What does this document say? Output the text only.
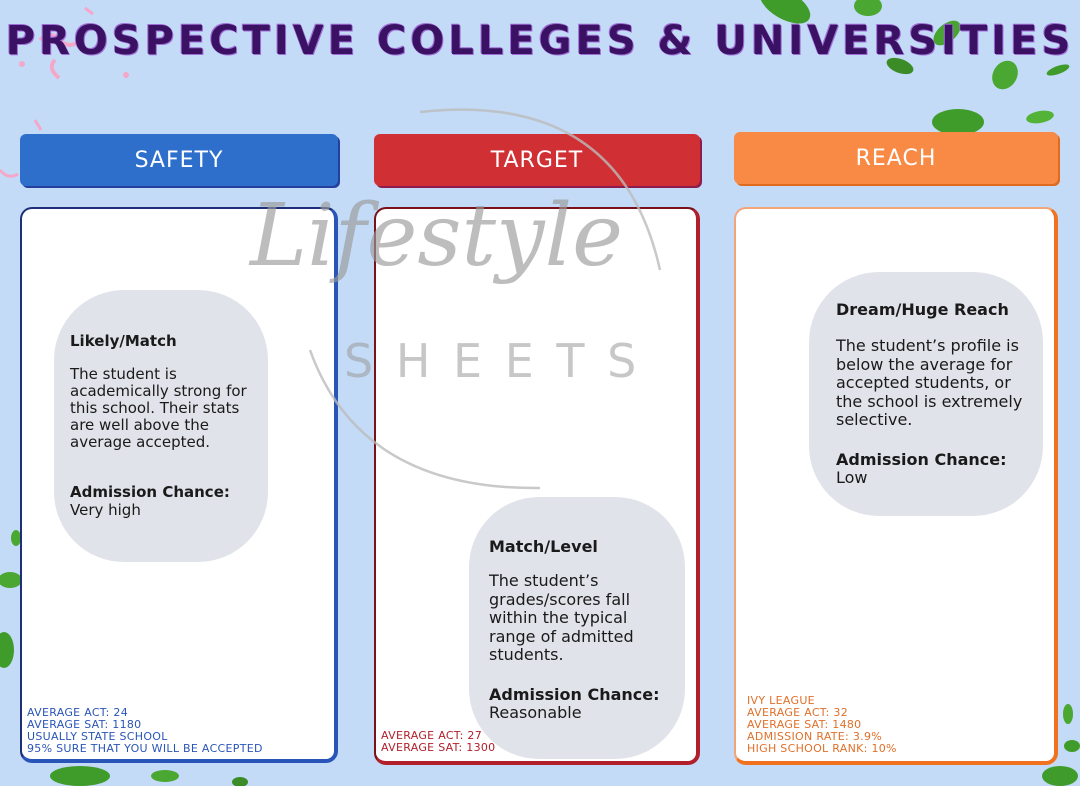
PROSPECTIVE COLLEGES & UNIVERSITIES
SAFETY
Likely/Match
The student is academically strong for this school. Their stats are well above the average accepted.
Admission Chance:
Very high
AVERAGE ACT: 24
AVERAGE SAT: 1180
USUALLY STATE SCHOOL
95% SURE THAT YOU WILL BE ACCEPTED
TARGET
Match/Level
The student’s grades/scores fall within the typical range of admitted students.
Admission Chance:
Reasonable
AVERAGE ACT: 27
AVERAGE SAT: 1300
REACH
Dream/Huge Reach
The student’s profile is below the average for accepted students, or the school is extremely selective.
Admission Chance:
Low
IVY LEAGUE
AVERAGE ACT: 32
AVERAGE SAT: 1480
ADMISSION RATE: 3.9%
HIGH SCHOOL RANK: 10%
Lifestyle
S H E E T S
